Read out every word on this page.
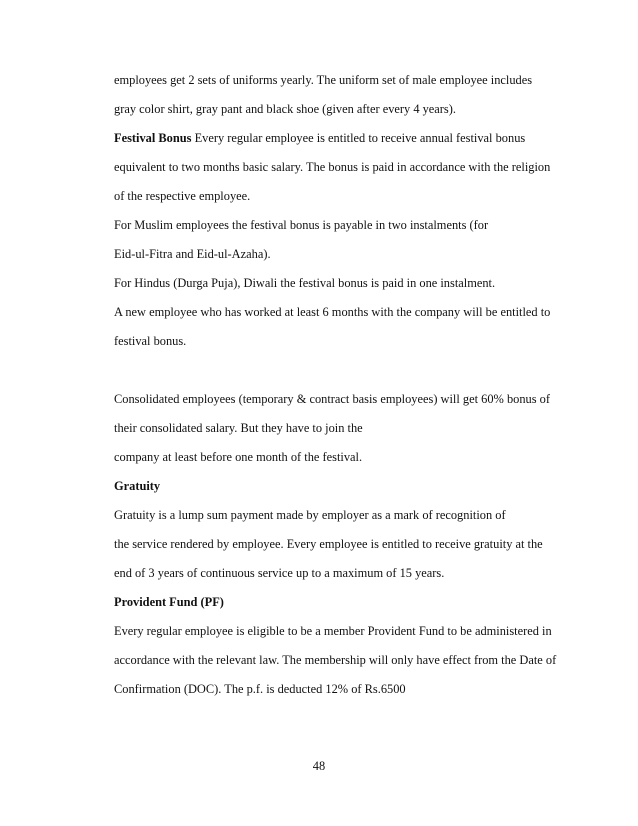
employees get 2 sets of uniforms yearly. The uniform set of male employee includes

gray color shirt, gray pant and black shoe (given after every 4 years).

Festival Bonus Every regular employee is entitled to receive annual festival bonus

equivalent to two months basic salary. The bonus is paid in accordance with the religion

of the respective employee.

For Muslim employees the festival bonus is payable in two instalments (for

Eid-ul-Fitra and Eid-ul-Azaha).

For Hindus (Durga Puja), Diwali the festival bonus is paid in one instalment.

A new employee who has worked at least 6 months with the company will be entitled to

festival bonus.

Consolidated employees (temporary & contract basis employees) will get 60% bonus of

their consolidated salary. But they have to join the

company at least before one month of the festival.

Gratuity

Gratuity is a lump sum payment made by employer as a mark of recognition of

the service rendered by employee. Every employee is entitled to receive gratuity at the

end of 3 years of continuous service up to a maximum of 15 years.

Provident Fund (PF)

Every regular employee is eligible to be a member Provident Fund to be administered in

accordance with the relevant law. The membership will only have effect from the Date of

Confirmation (DOC). The p.f. is deducted 12% of Rs.6500

48
